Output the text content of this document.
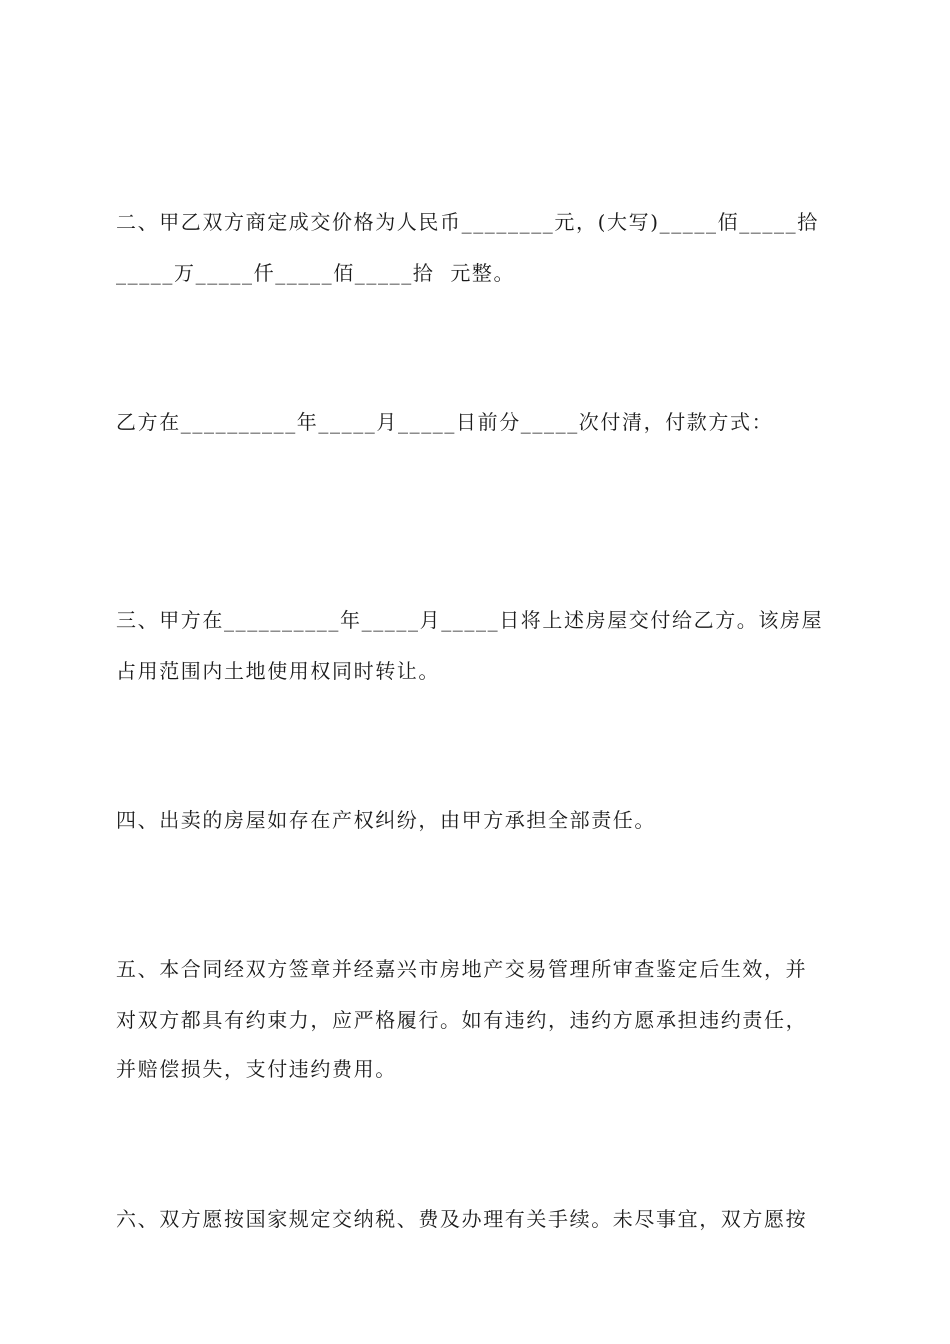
二、甲乙双方商定成交价格为人民币________元，(大写)_____佰_____拾

_____万_____仟_____佰_____拾  元整。

乙方在__________年_____月_____日前分_____次付清，付款方式：

三、甲方在__________年_____月_____日将上述房屋交付给乙方。该房屋

占用范围内土地使用权同时转让。

四、出卖的房屋如存在产权纠纷，由甲方承担全部责任。

五、本合同经双方签章并经嘉兴市房地产交易管理所审查鉴定后生效，并

对双方都具有约束力，应严格履行。如有违约，违约方愿承担违约责任，

并赔偿损失，支付违约费用。

六、双方愿按国家规定交纳税、费及办理有关手续。未尽事宜，双方愿按
